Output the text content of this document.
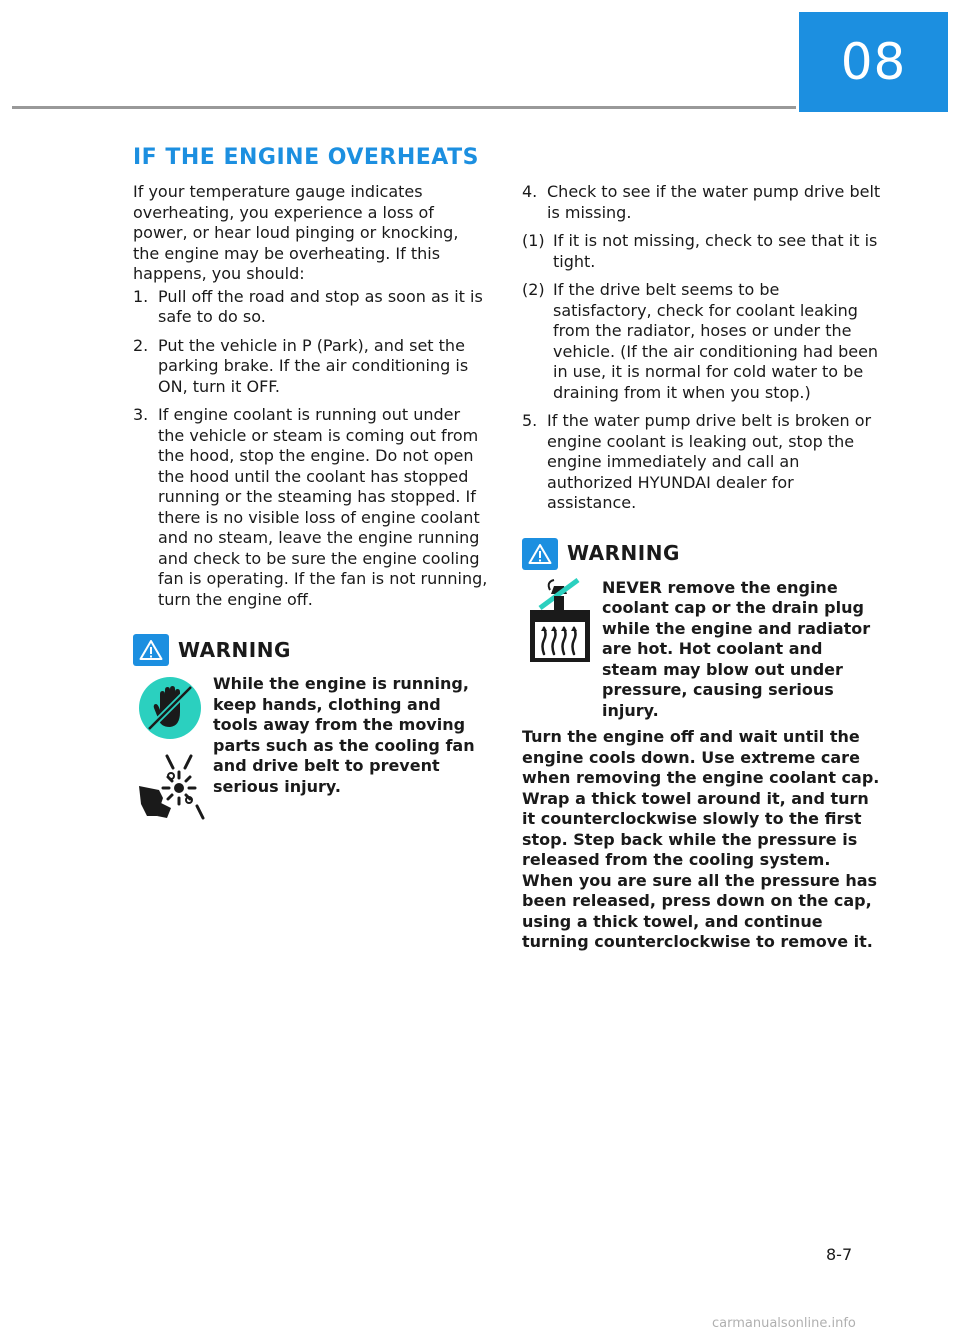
08
IF THE ENGINE OVERHEATS

If your temperature gauge indicates overheating, you experience a loss of power, or hear loud pinging or knocking, the engine may be overheating. If this happens, you should:

1. Pull off the road and stop as soon as it is safe to do so.
2. Put the vehicle in P (Park), and set the parking brake. If the air conditioning is ON, turn it OFF.
3. If engine coolant is running out under the vehicle or steam is coming out from the hood, stop the engine. Do not open the hood until the coolant has stopped running or the steaming has stopped. If there is no visible loss of engine coolant and no steam, leave the engine running and check to be sure the engine cooling fan is operating. If the fan is not running, turn the engine off.
WARNING
While the engine is running, keep hands, clothing and tools away from the moving parts such as the cooling fan and drive belt to prevent serious injury.
4. Check to see if the water pump drive belt is missing.
(1) If it is not missing, check to see that it is tight.
(2) If the drive belt seems to be satisfactory, check for coolant leaking from the radiator, hoses or under the vehicle. (If the air conditioning had been in use, it is normal for cold water to be draining from it when you stop.)
5. If the water pump drive belt is broken or engine coolant is leaking out, stop the engine immediately and call an authorized HYUNDAI dealer for assistance.
WARNING
NEVER remove the engine coolant cap or the drain plug while the engine and radiator are hot. Hot coolant and steam may blow out under pressure, causing serious injury.

Turn the engine off and wait until the engine cools down. Use extreme care when removing the engine coolant cap. Wrap a thick towel around it, and turn it counterclockwise slowly to the first stop. Step back while the pressure is released from the cooling system. When you are sure all the pressure has been released, press down on the cap, using a thick towel, and continue turning counterclockwise to remove it.

8-7
carmanualsonline.info
